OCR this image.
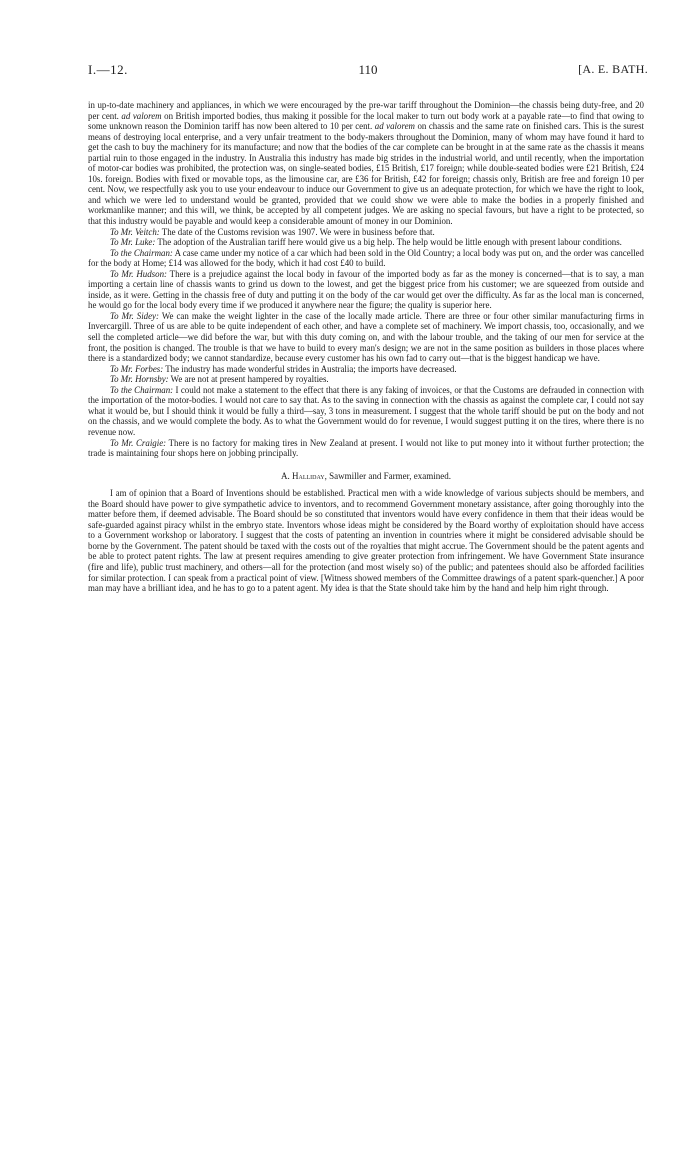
I.—12.	110	[A. E. BATH.

in up-to-date machinery and appliances, in which we were encouraged by the pre-war tariff throughout the Dominion—the chassis being duty-free, and 20 per cent. ad valorem on British imported bodies, thus making it possible for the local maker to turn out body work at a payable rate—to find that owing to some unknown reason the Dominion tariff has now been altered to 10 per cent. ad valorem on chassis and the same rate on finished cars. This is the surest means of destroying local enterprise, and a very unfair treatment to the body-makers throughout the Dominion, many of whom may have found it hard to get the cash to buy the machinery for its manufacture; and now that the bodies of the car complete can be brought in at the same rate as the chassis it means partial ruin to those engaged in the industry. In Australia this industry has made big strides in the industrial world, and until recently, when the importation of motor-car bodies was prohibited, the protection was, on single-seated bodies, £15 British, £17 foreign; while double-seated bodies were £21 British, £24 10s. foreign. Bodies with fixed or movable tops, as the limousine car, are £36 for British, £42 for foreign; chassis only, British are free and foreign 10 per cent. Now, we respectfully ask you to use your endeavour to induce our Government to give us an adequate protection, for which we have the right to look, and which we were led to understand would be granted, provided that we could show we were able to make the bodies in a properly finished and workmanlike manner; and this will, we think, be accepted by all competent judges. We are asking no special favours, but have a right to be protected, so that this industry would be payable and would keep a considerable amount of money in our Dominion.

To Mr. Veitch: The date of the Customs revision was 1907. We were in business before that.

To Mr. Luke: The adoption of the Australian tariff here would give us a big help. The help would be little enough with present labour conditions.

To the Chairman: A case came under my notice of a car which had been sold in the Old Country; a local body was put on, and the order was cancelled for the body at Home; £14 was allowed for the body, which it had cost £40 to build.

To Mr. Hudson: There is a prejudice against the local body in favour of the imported body as far as the money is concerned—that is to say, a man importing a certain line of chassis wants to grind us down to the lowest, and get the biggest price from his customer; we are squeezed from outside and inside, as it were. Getting in the chassis free of duty and putting it on the body of the car would get over the difficulty. As far as the local man is concerned, he would go for the local body every time if we produced it anywhere near the figure; the quality is superior here.

To Mr. Sidey: We can make the weight lighter in the case of the locally made article. There are three or four other similar manufacturing firms in Invercargill. Three of us are able to be quite independent of each other, and have a complete set of machinery. We import chassis, too, occasionally, and we sell the completed article—we did before the war, but with this duty coming on, and with the labour trouble, and the taking of our men for service at the front, the position is changed. The trouble is that we have to build to every man's design; we are not in the same position as builders in those places where there is a standardized body; we cannot standardize, because every customer has his own fad to carry out—that is the biggest handicap we have.

To Mr. Forbes: The industry has made wonderful strides in Australia; the imports have decreased.

To Mr. Hornsby: We are not at present hampered by royalties.

To the Chairman: I could not make a statement to the effect that there is any faking of invoices, or that the Customs are defrauded in connection with the importation of the motor-bodies. I would not care to say that. As to the saving in connection with the chassis as against the complete car, I could not say what it would be, but I should think it would be fully a third—say, 3 tons in measurement. I suggest that the whole tariff should be put on the body and not on the chassis, and we would complete the body. As to what the Government would do for revenue, I would suggest putting it on the tires, where there is no revenue now.

To Mr. Craigie: There is no factory for making tires in New Zealand at present. I would not like to put money into it without further protection; the trade is maintaining four shops here on jobbing principally.

A. Halliday, Sawmiller and Farmer, examined.

I am of opinion that a Board of Inventions should be established. Practical men with a wide knowledge of various subjects should be members, and the Board should have power to give sympathetic advice to inventors, and to recommend Government monetary assistance, after going thoroughly into the matter before them, if deemed advisable. The Board should be so constituted that inventors would have every confidence in them that their ideas would be safe-guarded against piracy whilst in the embryo state. Inventors whose ideas might be considered by the Board worthy of exploitation should have access to a Government workshop or laboratory. I suggest that the costs of patenting an invention in countries where it might be considered advisable should be borne by the Government. The patent should be taxed with the costs out of the royalties that might accrue. The Government should be the patent agents and be able to protect patent rights. The law at present requires amending to give greater protection from infringement. We have Government State insurance (fire and life), public trust machinery, and others—all for the protection (and most wisely so) of the public; and patentees should also be afforded facilities for similar protection. I can speak from a practical point of view. [Witness showed members of the Committee drawings of a patent spark-quencher.] A poor man may have a brilliant idea, and he has to go to a patent agent. My idea is that the State should take him by the hand and help him right through.
